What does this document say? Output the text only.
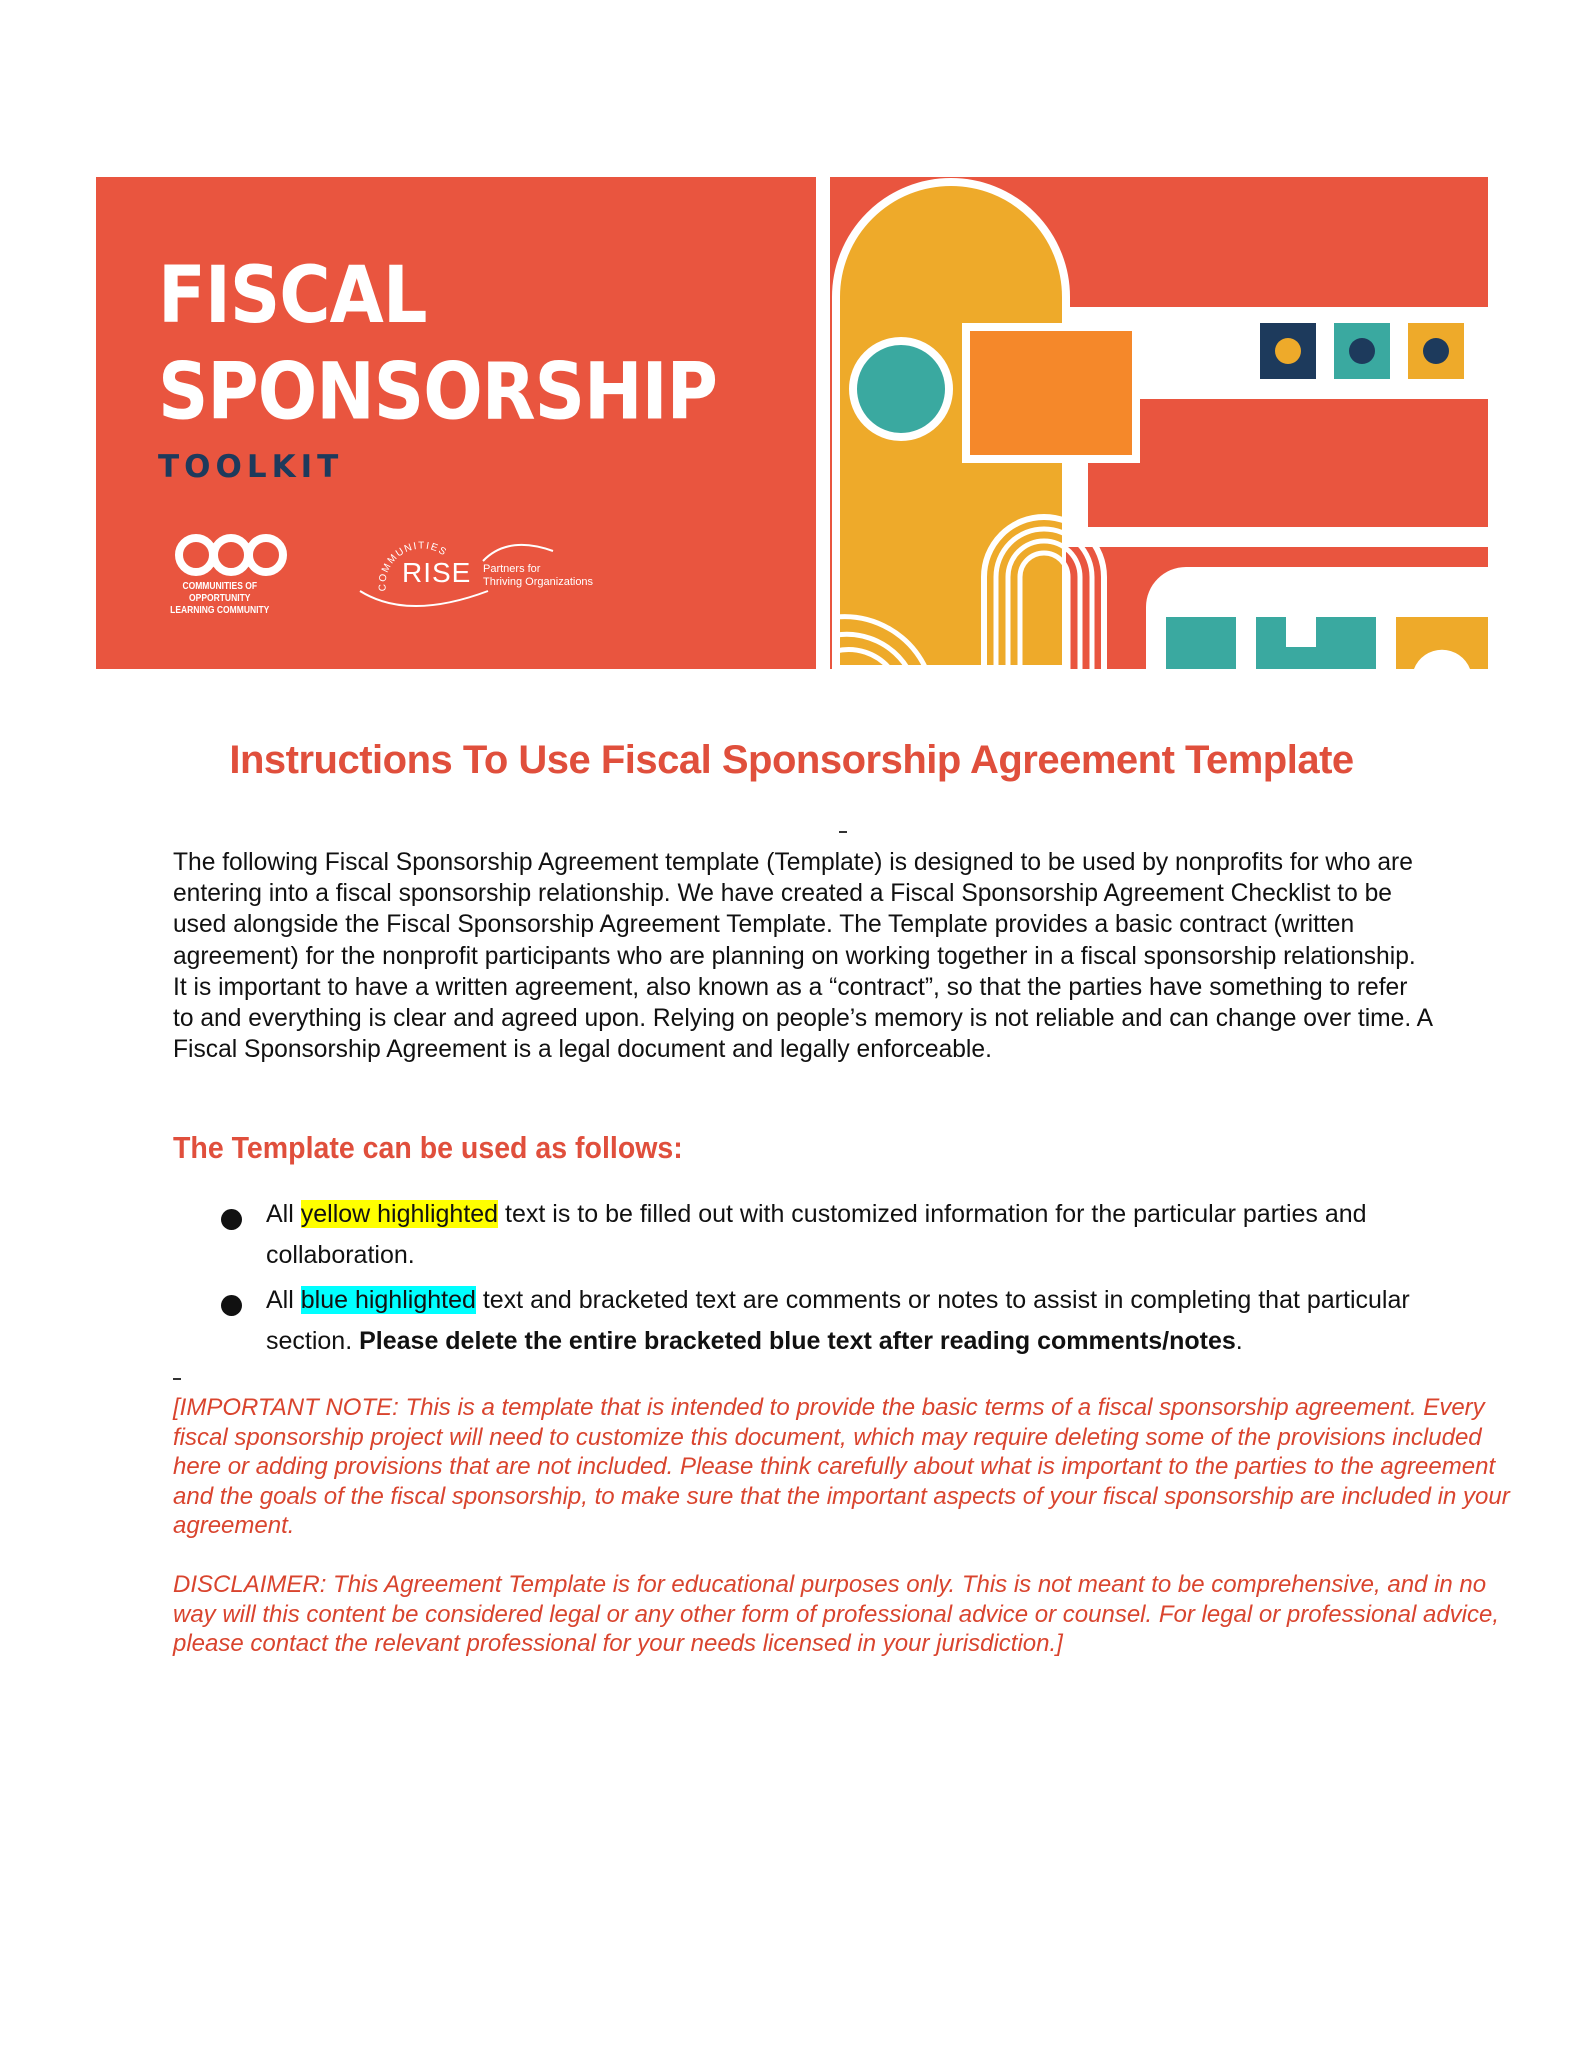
FISCAL
SPONSORSHIP
TOOLKIT
COMMUNITIES OF OPPORTUNITY
LEARNING COMMUNITY
COMMUNITIES
RISE Partners for
Thriving Organizations
Instructions To Use Fiscal Sponsorship Agreement Template

The following Fiscal Sponsorship Agreement template (Template) is designed to be used by nonprofits for who are entering into a fiscal sponsorship relationship. We have created a Fiscal Sponsorship Agreement Checklist to be used alongside the Fiscal Sponsorship Agreement Template. The Template provides a basic contract (written agreement) for the nonprofit participants who are planning on working together in a fiscal sponsorship relationship. It is important to have a written agreement, also known as a “contract”, so that the parties have something to refer to and everything is clear and agreed upon. Relying on people’s memory is not reliable and can change over time. A Fiscal Sponsorship Agreement is a legal document and legally enforceable.

The Template can be used as follows:
All yellow highlighted text is to be filled out with customized information for the particular parties and collaboration.
All blue highlighted text and bracketed text are comments or notes to assist in completing that particular section. Please delete the entire bracketed blue text after reading comments/notes.

[IMPORTANT NOTE: This is a template that is intended to provide the basic terms of a fiscal sponsorship agreement. Every fiscal sponsorship project will need to customize this document, which may require deleting some of the provisions included here or adding provisions that are not included. Please think carefully about what is important to the parties to the agreement and the goals of the fiscal sponsorship, to make sure that the important aspects of your fiscal sponsorship are included in your agreement.

DISCLAIMER: This Agreement Template is for educational purposes only. This is not meant to be comprehensive, and in no way will this content be considered legal or any other form of professional advice or counsel. For legal or professional advice, please contact the relevant professional for your needs licensed in your jurisdiction.]
